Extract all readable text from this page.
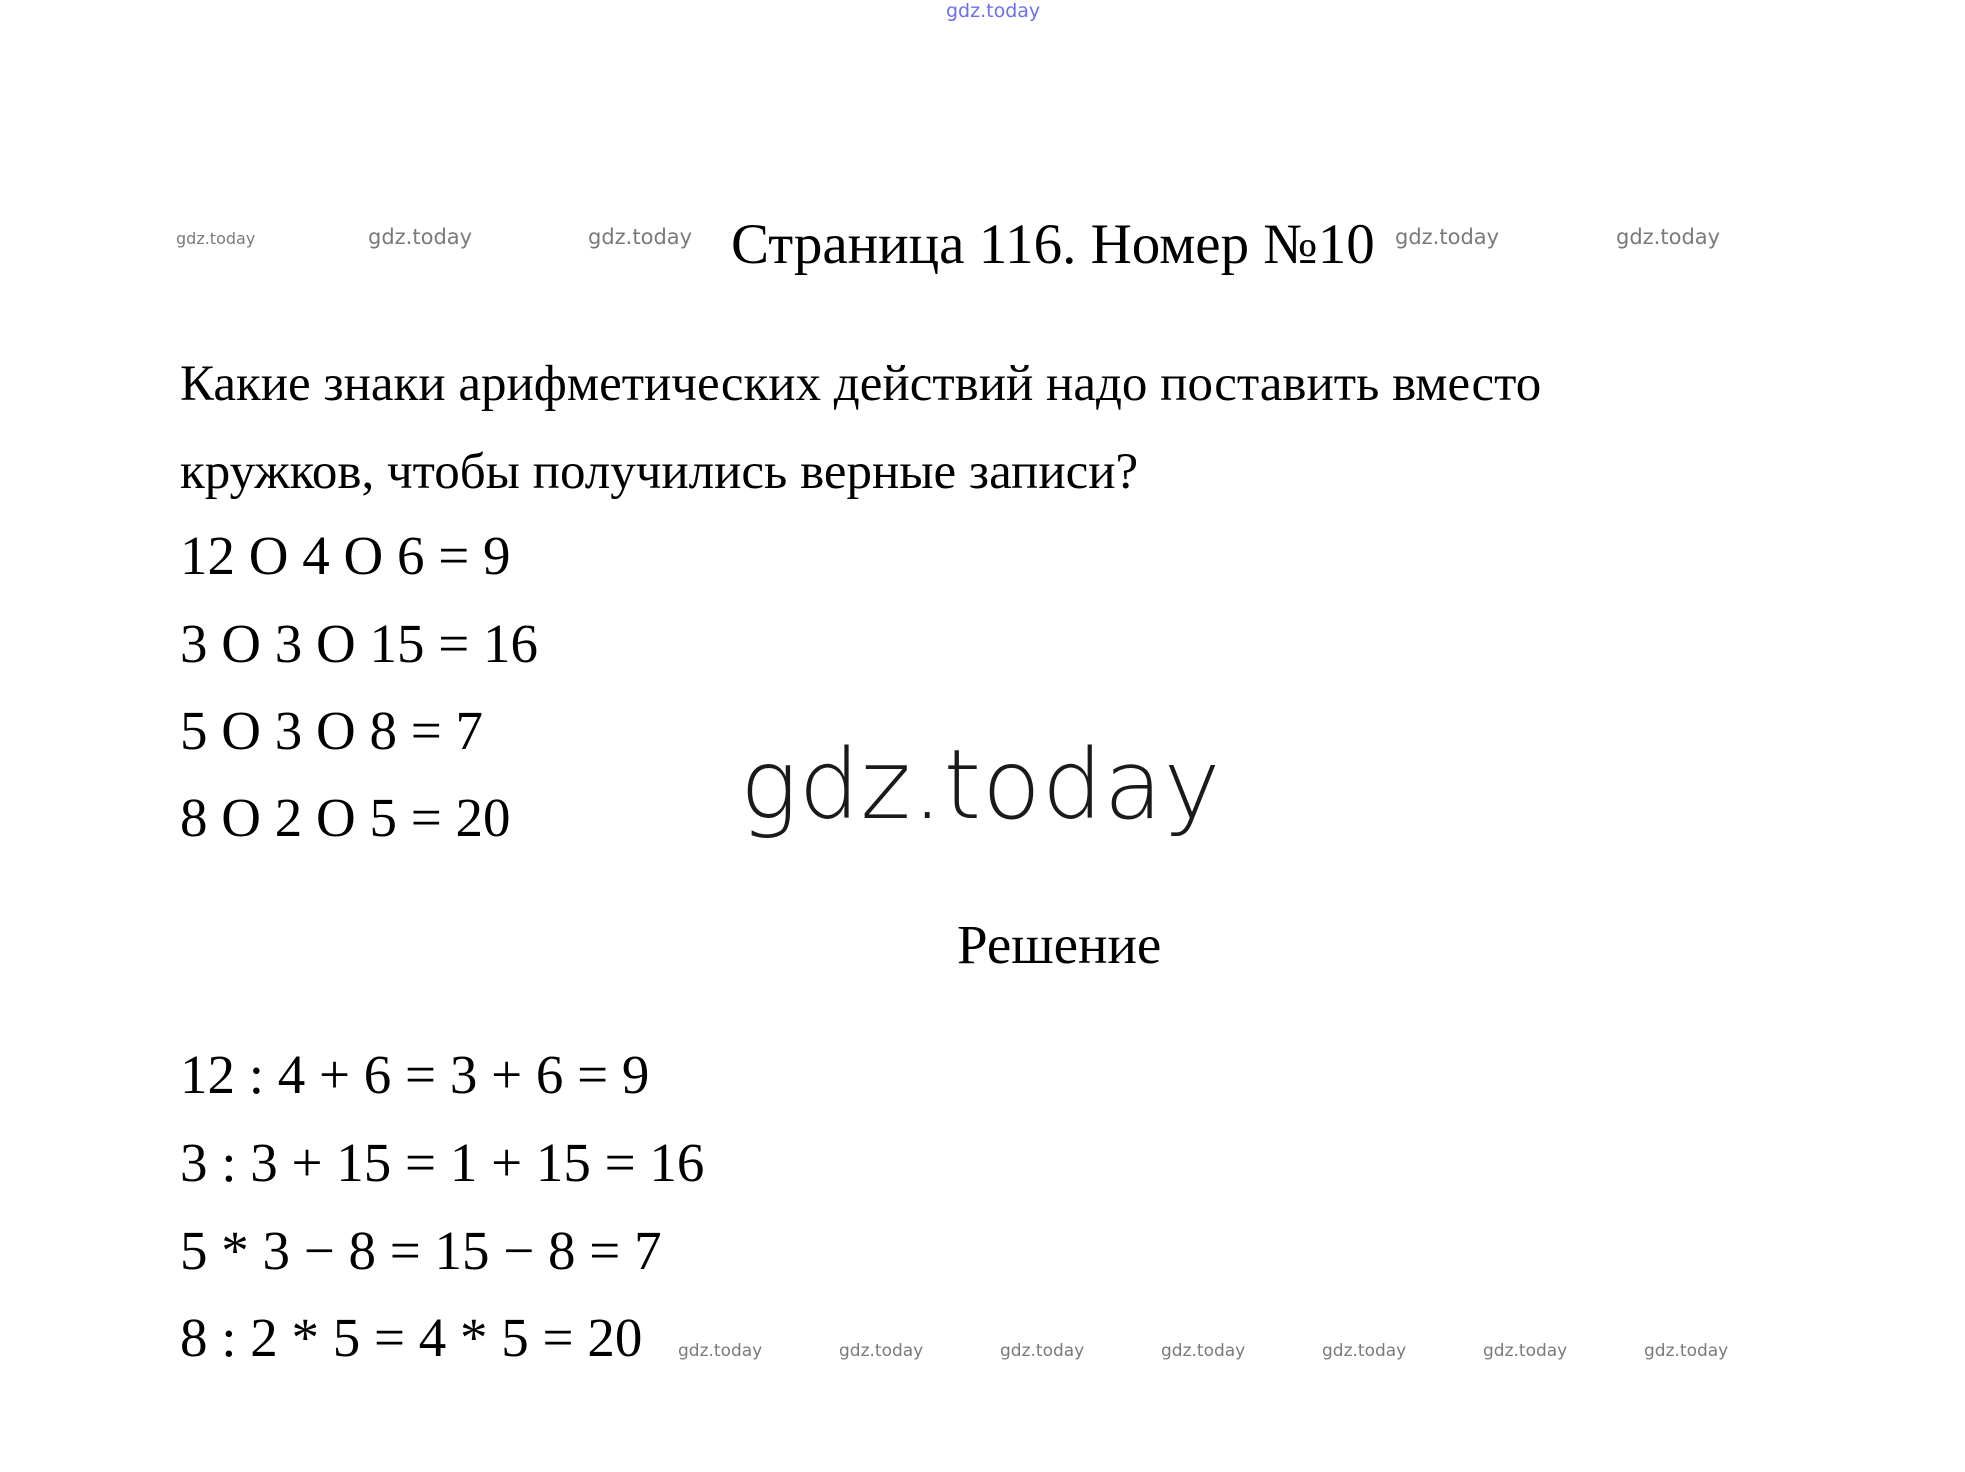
gdz.today
gdz.today	gdz.today	gdz.today	gdz.today	gdz.today
Страница 116. Номер №10
Какие знаки арифметических действий надо поставить вместо
кружков, чтобы получились верные записи?
12 O 4 O 6 = 9
3 O 3 O 15 = 16
5 O 3 O 8 = 7
8 O 2 O 5 = 20 gdz.today
Решение
12 : 4 + 6 = 3 + 6 = 9
3 : 3 + 15 = 1 + 15 = 16
5 * 3 − 8 = 15 − 8 = 7
8 : 2 * 5 = 4 * 5 = 20 gdz.today	gdz.today	gdz.today	gdz.today	gdz.today	gdz.today	gdz.today
